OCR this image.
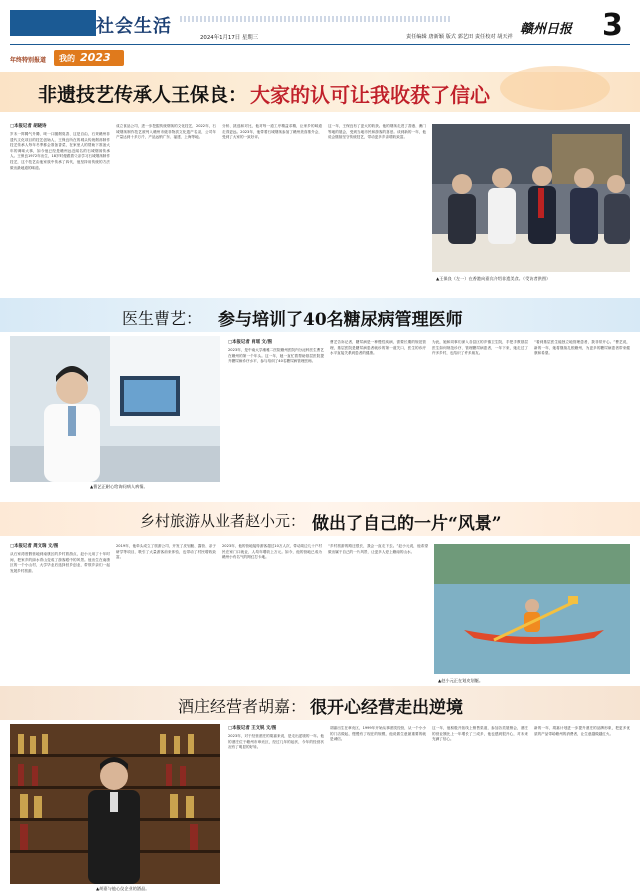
社会生活
2024年1月17日 星期三
赣州日报 3
责任编辑 唐新颖 版式 郭艺田 责任校对 胡天祥
年终特别报道 我的 2023
非遗技艺传承人王保良： 大家的认可让我收获了信心
□本报记者 胡晓诗
岁末一阵腾气升腾、咚一口腰烟臭香、这是自由，石采赣州非遗代文化项目的技艺创始人，王保良所在的城头传统烟荡制作技艺传承人每年冬季都会准备香菜，在家里人的帮助下准备大年的调味大事，如今他已经是赣州远近闻名的石城烟荡传承人。王保良1972年出生，18岁时便跟着父亲学习石城烟荡制作技艺，这个技艺由他家族中传承了四代，他坚持用传统的方法做出最地道的味道。
成立食品公司，进一步挖掘传统烟荡的文化技艺，2022年，石城烟荡制作技艺被列入赣州市级非物质文化遗产名录，公司年产量达到十多万斤，产品远销广东、福建、上海等地。
分析、挑选和对比，他对每一道工序精益求精，让家乡的味道走得更远。2023年，他带着石城烟荡参加了赣州美食推介会，受到了大家的一致好评。
这一年，王保良有了更大的收获。他的烟荡走进了香港、澳门等地的展会，受到当地市民和游客的喜爱。谈到新的一年，他说会继续坚守传统技艺，带动更多乡亲增收致富。
▲王保良（左一）在香港向嘉宾介绍非遗美食。（受访者供图）
医生曹艺： 参与培训了40名糖尿病管理医师
▲曹艺正耐心给询问病人病情。
□本报记者 肖瑶 文/图
2023年，是中南大学湘雅二医院赣州医院内分泌科医生曹艺在赣州的第一个年头。这一年，她一直忙着帮助基层医院提升糖尿病诊疗水平，参与培训了40名糖尿病管理医师。
曹艺告诉记者，糖尿病是一种慢性疾病，需要长期的规范管理，基层医院是糖尿病患者就诊的第一道关口，医生的诊疗水平直接关系到患者的健康。
为此，她和同事们深入各县区的乡镇卫生院，手把手教基层医生如何规范诊疗、管理糖尿病患者，一年下来，她走过了许多乡村，也结识了许多朋友。
“看到基层医生能独立地管理患者，我非常开心。”曹艺说，新的一年，她将继续扎根赣州，为更多的糖尿病患者带来健康和希望。
乡村旅游从业者赵小元： 做出了自己的一片“风景”
□本报记者 周文瑞 文/图
从石家湾度假营地到南康区的乡村旅游点，赵小元用了十年时间，把家乡的绿水青山变成了游客眼中的风景。他出生在南康区的一个小山村，大学毕业后选择回乡创业，带领乡亲们一起发展乡村旅游。
2019年，他牵头成立了旅游公司，开发了皮划艇、露营、亲子研学等项目，吸引了大量游客前来体验，也带动了村民增收致富。
2023年，他的营地接待游客超过10万人次，带动周边几十户村民在家门口就业，人均年增收上万元。如今，他的营地已成为赣州小有名气的网红打卡地。
“乡村旅游的路还很长，我会一直走下去。”赵小元说，他希望做出属于自己的一片风景，让更多人爱上赣南的山水。
▲赵小元正在划皮划艇。
酒庄经营者胡嘉： 很开心经营走出逆境
▲胡嘉与他心仪企业的酒品。
□本报记者 王文锐 文/图
2023年，对于经营酒庄的胡嘉来说，是走出逆境的一年。他的酒庄位于赣州市章贡区，经过几年的起伏，今年的经营状况有了明显的好转。
胡嘉出生在章贡区，1999年开始从事酒类经营，从一个小小的门店做起，慢慢有了现在的规模，他说做生意最重要的就是诚信。
这一年，他积极开拓线上销售渠道，参加各类展销会，酒庄的营业额比上一年增长了三成多，他也感到很开心，对未来充满了信心。
新的一年，胡嘉计划进一步提升酒庄的品牌形象，把更多优质的产品带给赣州的消费者，让生意越做越红火。
